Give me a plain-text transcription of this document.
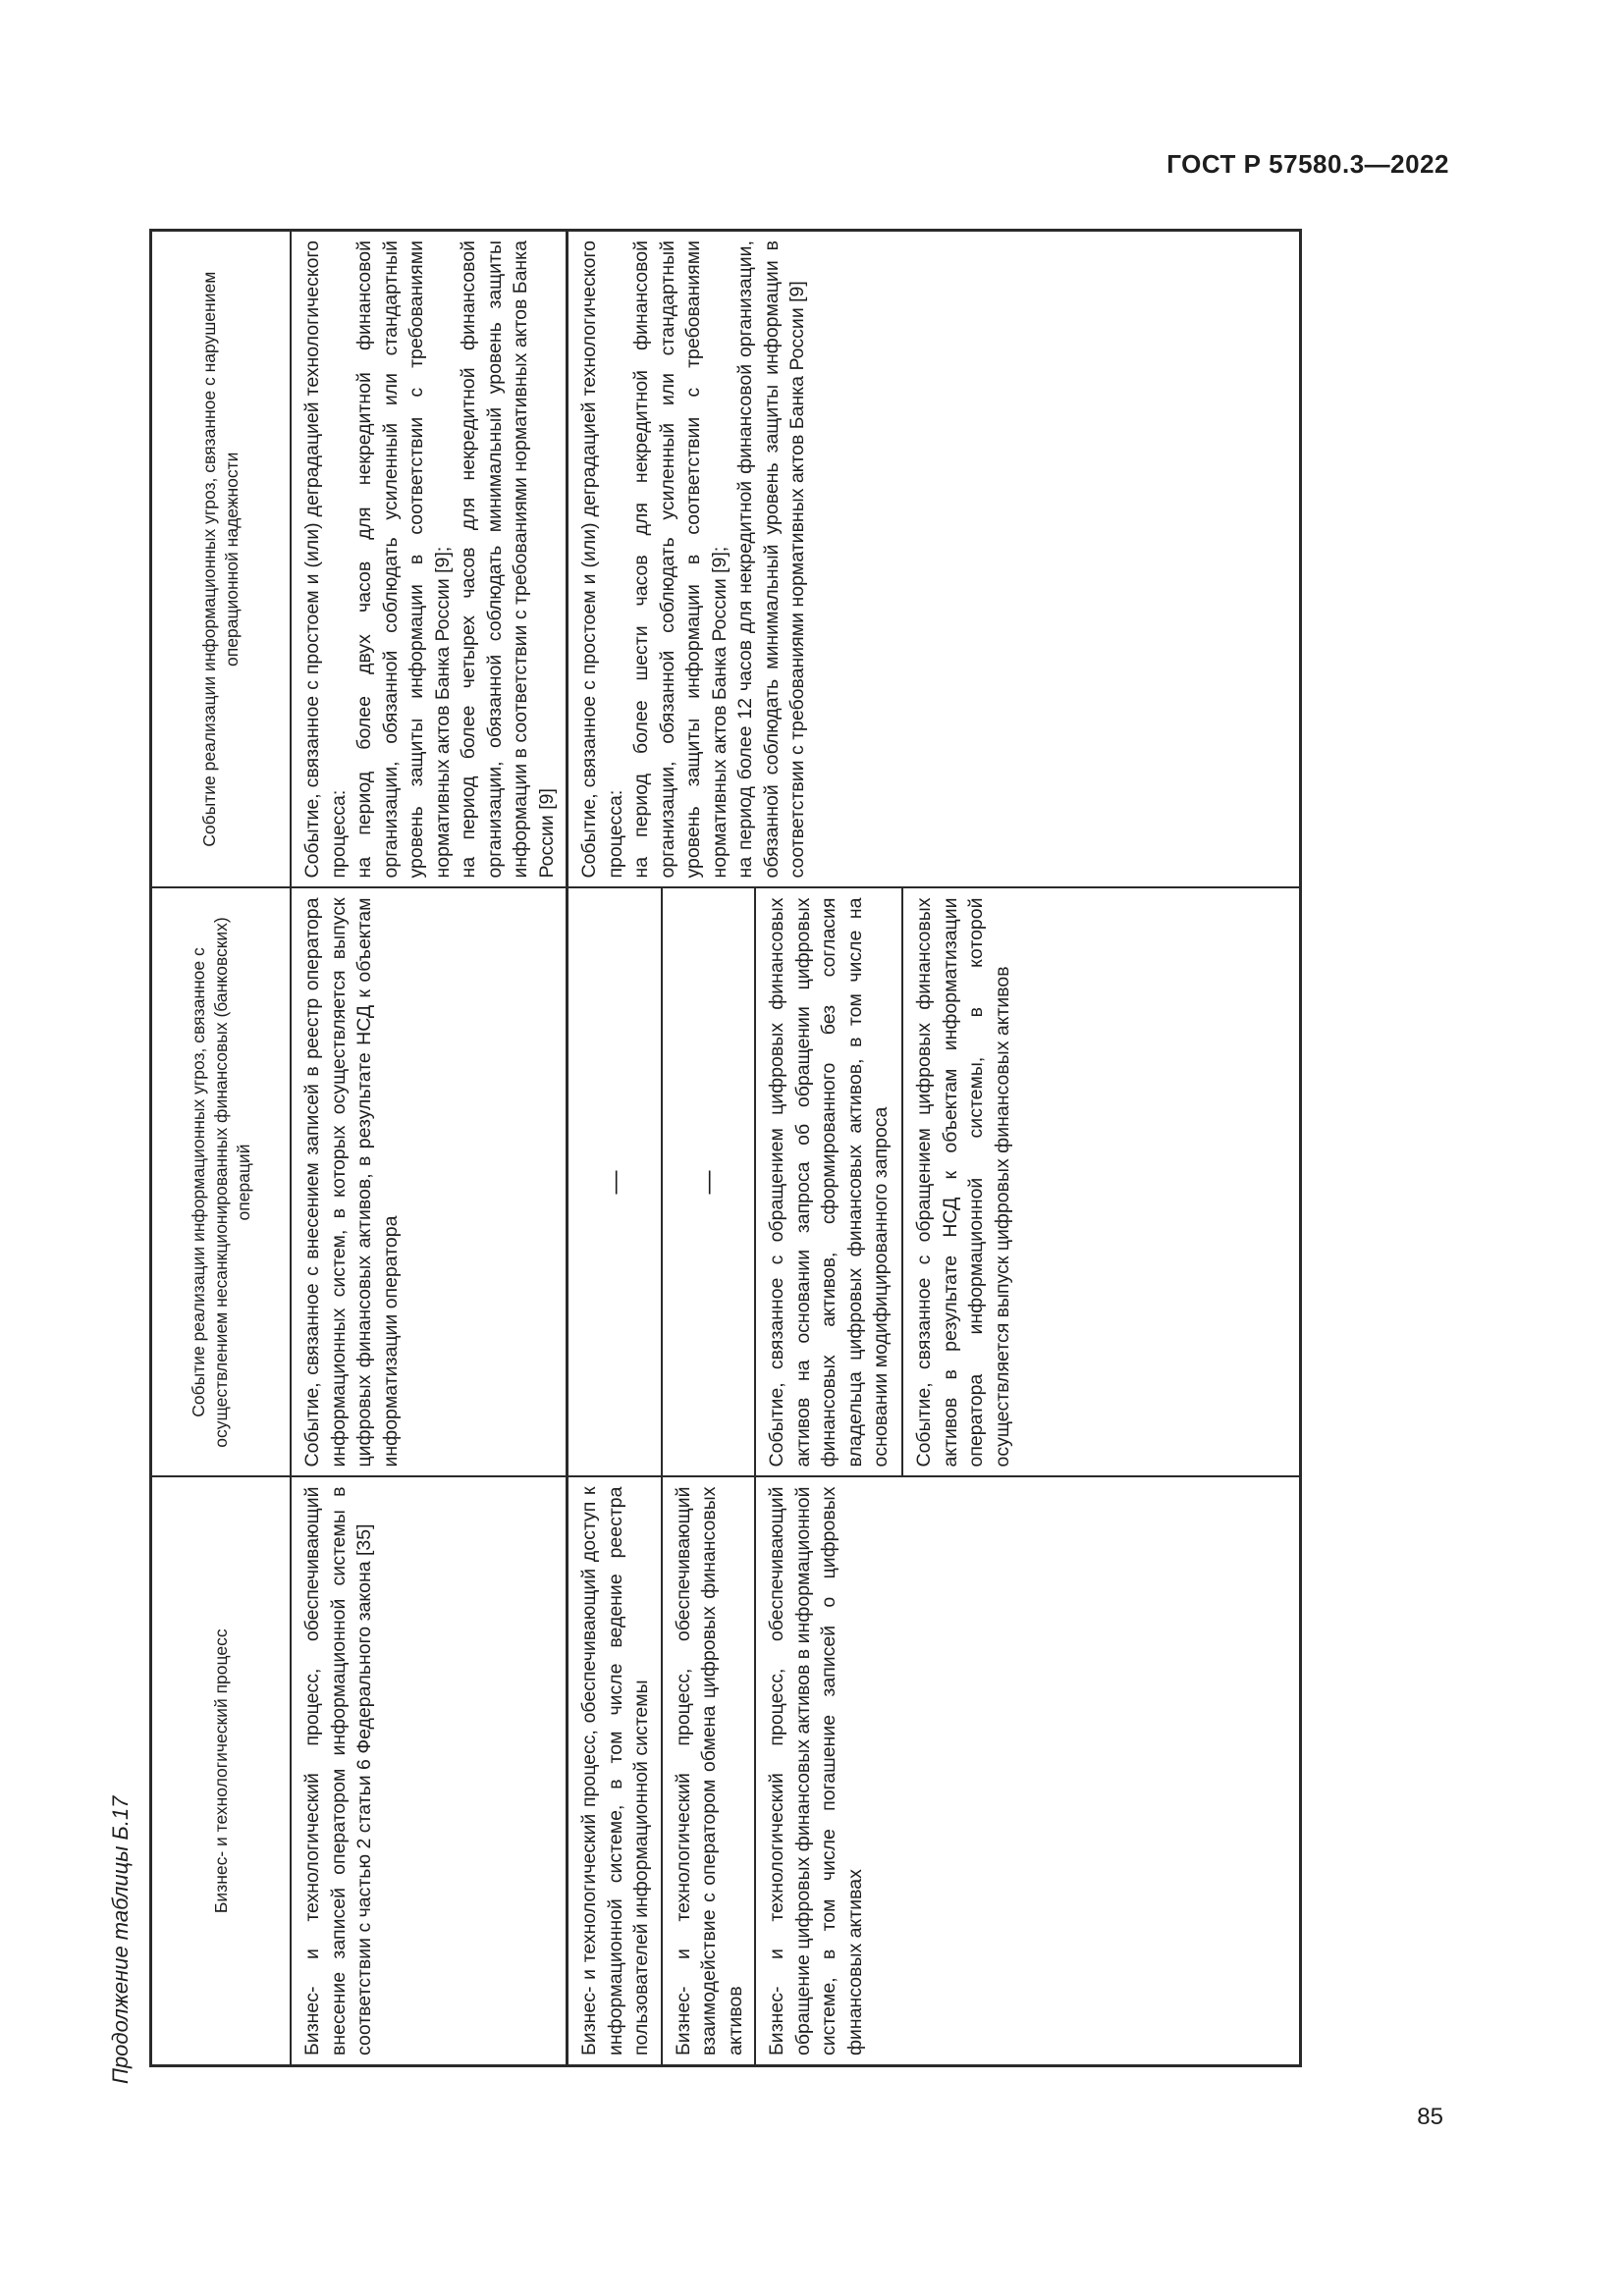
ГОСТ Р 57580.3—2022
Продолжение таблицы Б.17
Бизнес- и технологический процесс	Событие реализации информационных угроз, связанное с осуществлением несанкционированных финансовых (банковских) операций	Событие реализации информационных угроз, связанное с нарушением операционной надежности
Бизнес- и технологический процесс, обеспечивающий внесение записей оператором информационной системы в соответствии с частью 2 статьи 6 Федерального закона [35]	Событие, связанное с внесением записей в реестр оператора информационных систем, в которых осуществляется выпуск цифровых финансовых активов, в результате НСД к объектам информатизации оператора	Событие, связанное с простоем и (или) деградацией технологического процесса:
на период более двух часов для некредитной финансовой организации, обязанной соблюдать усиленный или стандартный уровень защиты информации в соответствии с требованиями нормативных актов Банка России [9];
на период более четырех часов для некредитной финансовой организации, обязанной соблюдать минимальный уровень защиты информации в соответствии с требованиями нормативных актов Банка России [9]
Бизнес- и технологический процесс, обеспечивающий доступ к информационной системе, в том числе ведение реестра пользователей информационной системы	—	Событие, связанное с простоем и (или) деградацией технологического процесса:
на период более шести часов для некредитной финансовой организации, обязанной соблюдать усиленный или стандартный уровень защиты информации в соответствии с требованиями нормативных актов Банка России [9];
на период более 12 часов для некредитной финансовой организации, обязанной соблюдать минимальный уровень защиты информации в соответствии с требованиями нормативных актов Банка России [9]
Бизнес- и технологический процесс, обеспечивающий взаимодействие с оператором обмена цифровых финансовых активов	—	
Бизнес- и технологический процесс, обеспечивающий обращение цифровых финансовых активов в информационной системе, в том числе погашение записей о цифровых финансовых активах	Событие, связанное с обращением цифровых финансовых активов на основании запроса об обращении цифровых финансовых активов, сформированного без согласия владельца цифровых финансовых активов, в том числе на основании модифицированного запроса	
	Событие, связанное с обращением цифровых финансовых активов в результате НСД к объектам информатизации оператора информационной системы, в которой осуществляется выпуск цифровых финансовых активов	
85
